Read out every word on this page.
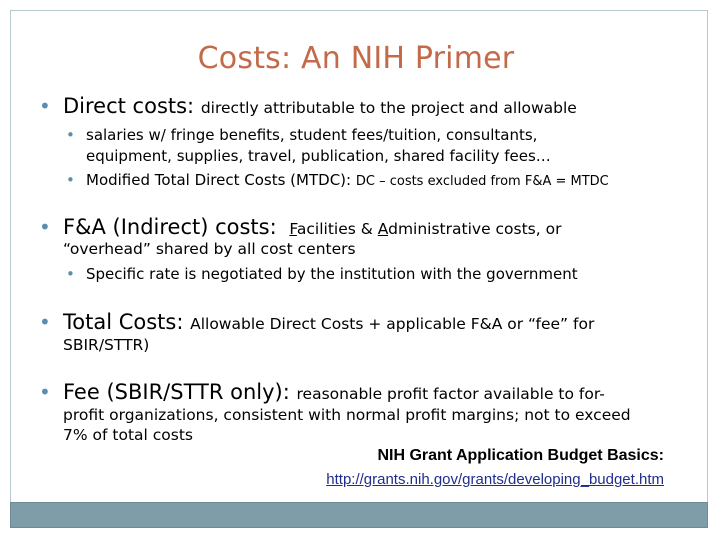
Costs: An NIH Primer
• Direct costs: directly attributable to the project and allowable
• salaries w/ fringe benefits, student fees/tuition, consultants,
equipment, supplies, travel, publication, shared facility fees…
• Modified Total Direct Costs (MTDC): DC – costs excluded from F&A = MTDC
• F&A (Indirect) costs: Facilities & Administrative costs, or
“overhead” shared by all cost centers
• Specific rate is negotiated by the institution with the government
• Total Costs: Allowable Direct Costs + applicable F&A or “fee” for
SBIR/STTR)
• Fee (SBIR/STTR only): reasonable profit factor available to for-
profit organizations, consistent with normal profit margins; not to exceed
7% of total costs
NIH Grant Application Budget Basics:
http://grants.nih.gov/grants/developing_budget.htm
